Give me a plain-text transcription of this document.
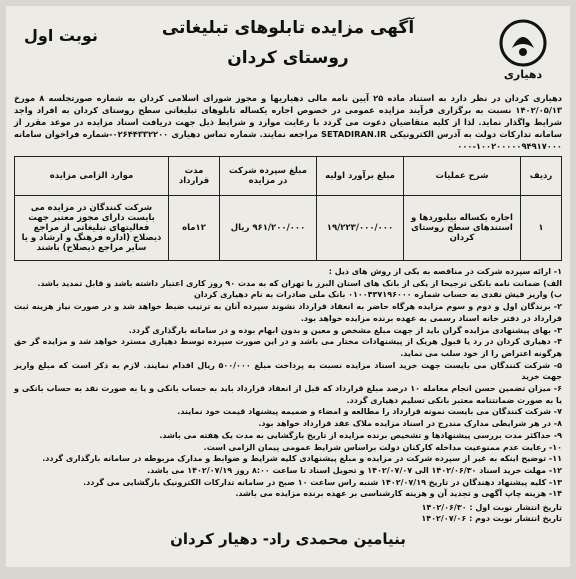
دهیاری
آگهی مزایده تابلوهای تبلیغاتی
روستای کردان
نوبت اول
دهیاری کردان در نظر دارد به استناد ماده ۲۵ آیین نامه مالی دهیاریها و مجوز شورای اسلامی کردان به شماره صورتجلسه ۸ مورخ ۱۴۰۲/۰۵/۱۳ نسبت به برگزاری فرآیند مزایده عمومی در خصوص اجاره یکساله تابلوهای تبلیغاتی سطح روستای کردان به افراد واجد شرایط واگذار نماید. لذا از کلیه متقاضیان دعوت می گردد با رعایت موارد و شرایط ذیل جهت دریافت اسناد مزایده در موعد مقرر از سامانه تدارکات دولت به آدرس الکترونیکی SETADIRAN.IR مراجعه نمایند. شماره تماس دهیاری ۰۲۶۴۴۳۳۲۲۰۰-شماره فراخوان سامانه ۱۰۰۲۰۰۰۰۰۹۴۹۱۷۰۰۰-۰۰۰
ردیف	شرح عملیات	مبلغ برآورد اولیه	مبلغ سپرده شرکت در مزایده	مدت قرارداد	موارد الزامی مزایده
۱	اجاره یکساله بیلبوردها و استندهای سطح روستای کردان	۱۹/۲۲۳/۰۰۰/۰۰۰	۹۶۱/۲۰۰/۰۰۰ ریال	۱۲ماه	شرکت کنندگان در مزایده می بایست دارای مجوز معتبر جهت فعالیتهای تبلیغاتی از مراجع ذیصلاح (اداره فرهنگ و ارشاد و یا سایر مراجع ذیصلاح) باشند
۱- ارائه سپرده شرکت در مناقصه به یکی از روش های ذیل :
الف) ضمانت نامه بانکی ترجیحا از یکی از بانک های استان البرز یا تهران که به مدت ۹۰ روز کاری اعتبار داشته باشد و قابل تمدید باشد.
ب) واریز فیش نقدی به حساب شماره ۰۱۰۰۴۳۷۱۹۶۰۰۰ بانک ملی صادرات به نام دهیاری کردان
۲- برندگان اول و دوم و سوم مزایده هرگاه حاضر به انعقاد قرارداد نشوند سپرده آنان به ترتیب ضبط خواهد شد و در صورت نیاز هزینه ثبت قرارداد در دفتر خانه اسناد رسمی به عهده برنده مزایده خواهد بود.
۳- بهای پیشنهادی مزایده گران باید از جهت مبلغ مشخص و معین و بدون ابهام بوده و در سامانه بارگذاری گردد.
۴- دهیاری کردان در رد یا قبول هریک از پیشنهادات مختار می باشد و در این صورت سپرده توسط دهیاری مسترد خواهد شد و مزایده گر حق هرگونه اعتراض را از خود سلب می نماید.
۵- شرکت کنندگان می بایست جهت خرید اسناد مزایده نسبت به پرداخت مبلغ ۵۰۰/۰۰۰ ریال اقدام نمایند. لازم به ذکر است که مبلغ واریز جهت خرید
۶- میزان تضمین حسن انجام معامله ۱۰ درصد مبلغ قرارداد که قبل از انعقاد قرارداد باید به حساب بانکی و یا به صورت نقد به حساب بانکی و یا به صورت ضمانتنامه معتبر بانکی تسلیم دهیاری گردد.
۷- شرکت کنندگان می بایست نمونه قرارداد را مطالعه و امضاء و ضمیمه پیشنهاد قیمت خود نمایند.
۸- در هر شرایطی مدارک مندرج در اسناد مزایده ملاک عقد قرارداد خواهد بود.
۹- حداکثر مدت بررسی پیشنهادها و تشخیص برنده مزایده از تاریخ بازگشایی به مدت یک هفته می باشد.
۱۰- رعایت عدم ممنوعیت مداخله کارکنان دولت براساس شرایط عمومی پیمان الزامی است.
۱۱- توضیح اینکه به غیر از سپرده شرکت در مزایده و مبلغ پیشنهادی کلیه شرایط و ضوابط و مدارک مربوطه در سامانه بارگذاری گردد.
۱۲- مهلت خرید اسناد ۱۴۰۲/۰۶/۳۰ الی ۱۴۰۲/۰۷/۰۷ و تحویل اسناد تا ساعت ۸:۰۰ روز ۱۴۰۲/۰۷/۱۹ می باشد.
۱۳- کلیه پیشنهاد دهندگان در تاریخ ۱۴۰۲/۰۷/۱۹ شنبه راس ساعت ۱۰ صبح در سامانه تدارکات الکترونیک بازگشایی می گردد.
۱۴- هزینه چاپ آگهی و تجدید آن و هزینه کارشناسی بر عهده برنده مزایده می باشد.
تاریخ انتشار نوبت اول : ۱۴۰۲/۰۶/۳۰
تاریخ انتشار نوبت دوم : ۱۴۰۲/۰۷/۰۶
بنیامین محمدی راد- دهیار کردان
